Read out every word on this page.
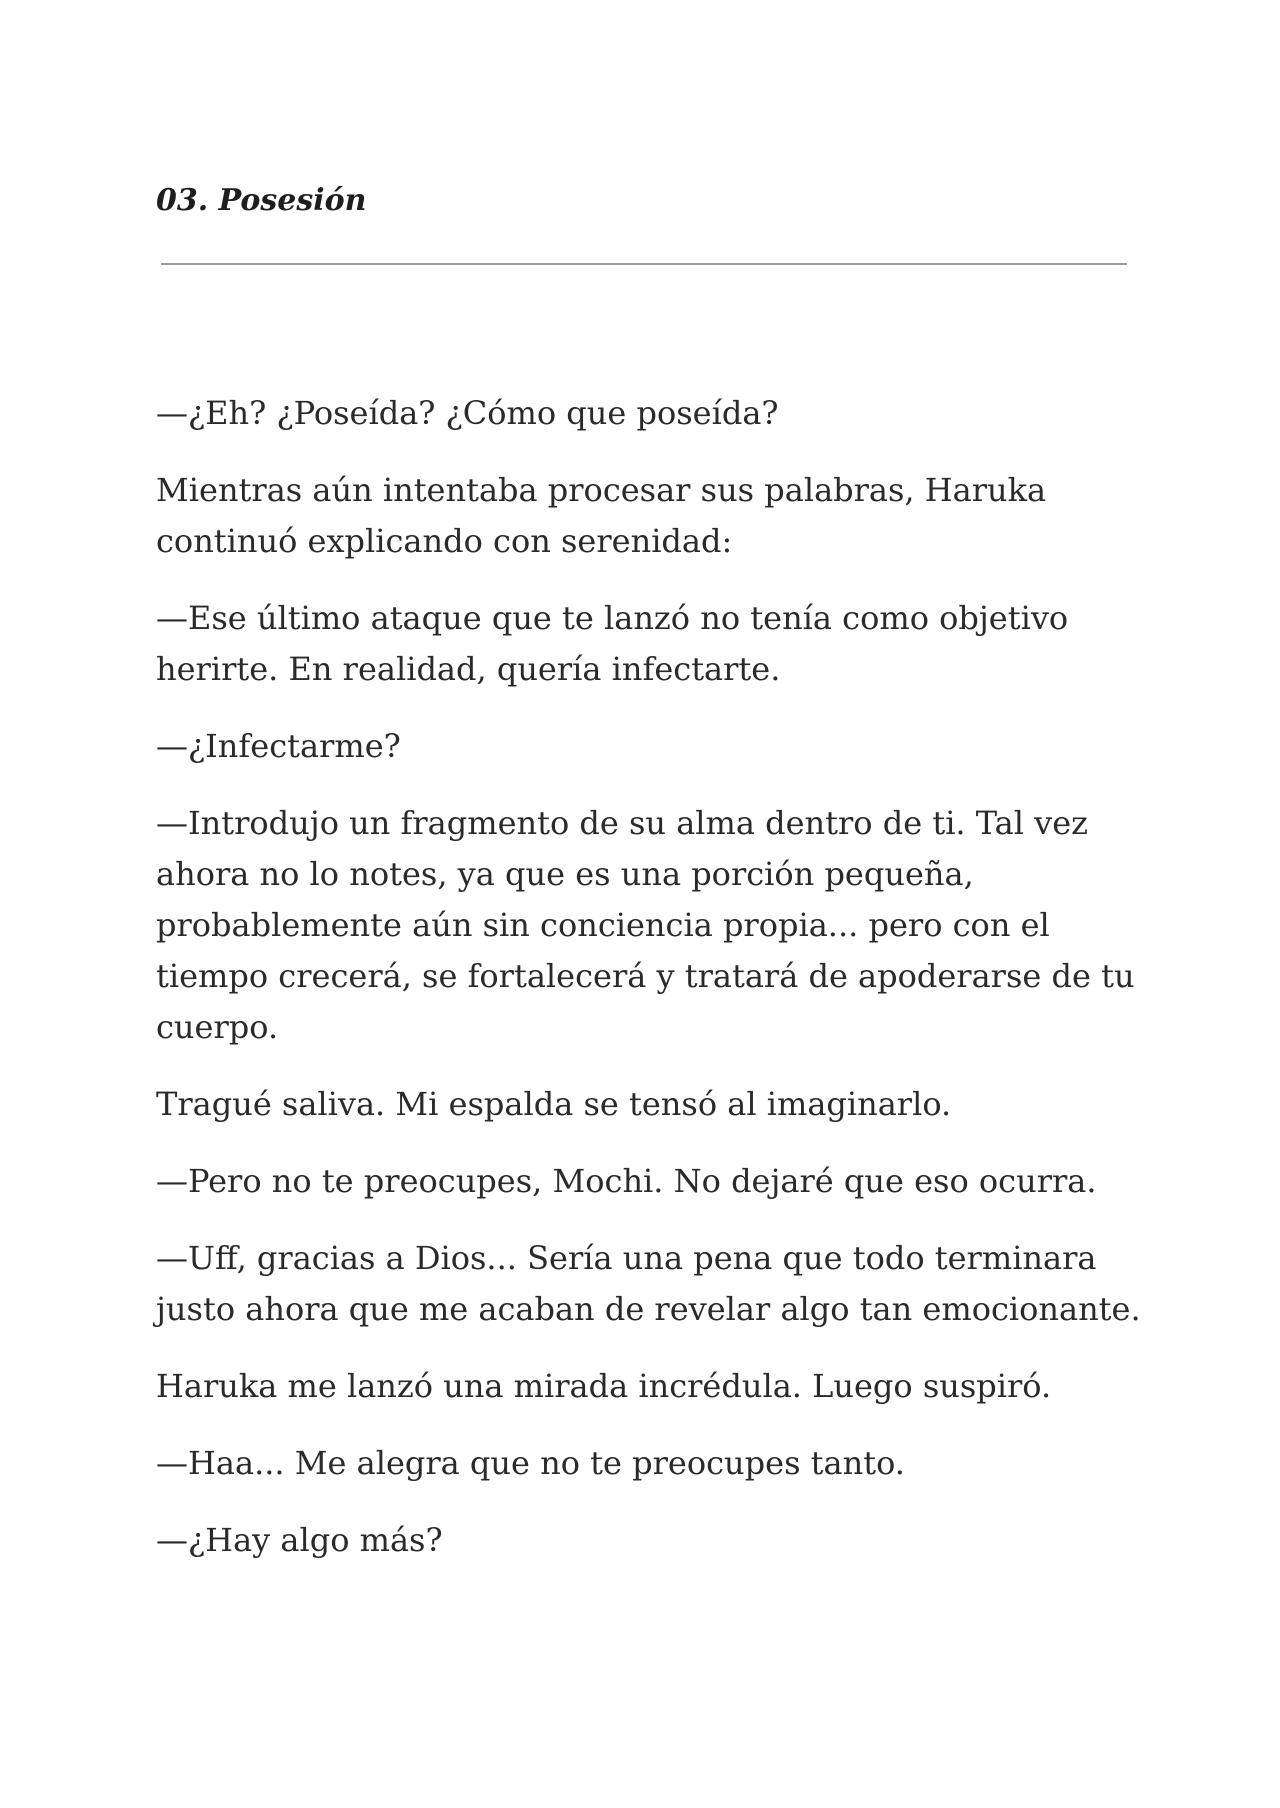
03. Posesión

—¿Eh? ¿Poseída? ¿Cómo que poseída?

Mientras aún intentaba procesar sus palabras, Haruka
continuó explicando con serenidad:

—Ese último ataque que te lanzó no tenía como objetivo
herirte. En realidad, quería infectarte.

—¿Infectarme?

—Introdujo un fragmento de su alma dentro de ti. Tal vez
ahora no lo notes, ya que es una porción pequeña,
probablemente aún sin conciencia propia... pero con el
tiempo crecerá, se fortalecerá y tratará de apoderarse de tu
cuerpo.

Tragué saliva. Mi espalda se tensó al imaginarlo.

—Pero no te preocupes, Mochi. No dejaré que eso ocurra.

—Uff, gracias a Dios... Sería una pena que todo terminara
justo ahora que me acaban de revelar algo tan emocionante.

Haruka me lanzó una mirada incrédula. Luego suspiró.

—Haa... Me alegra que no te preocupes tanto.

—¿Hay algo más?
